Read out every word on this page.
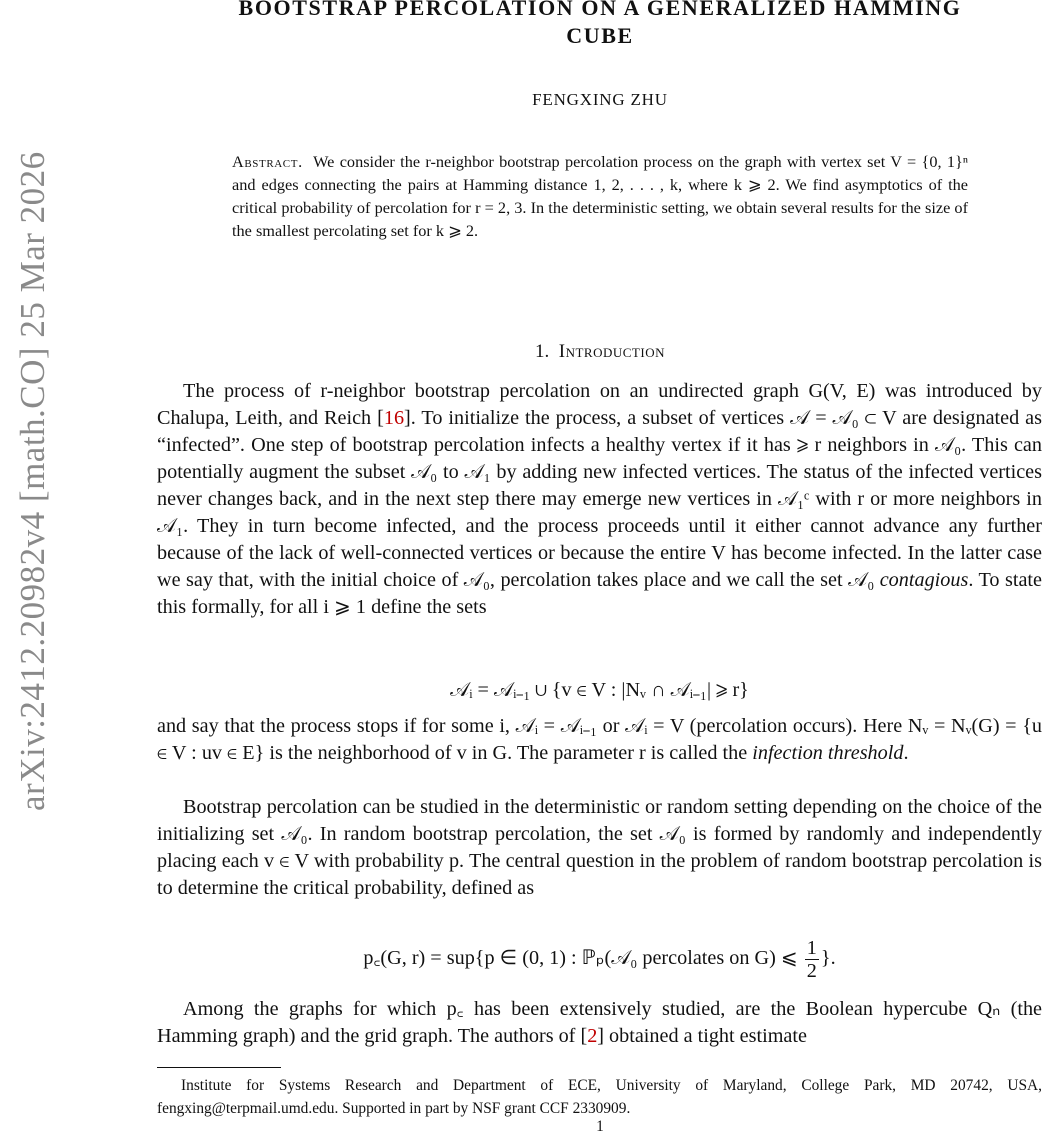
arXiv:2412.20982v4 [math.CO] 25 Mar 2026
BOOTSTRAP PERCOLATION ON A GENERALIZED HAMMING
CUBE
FENGXING ZHU
Abstract. We consider the r-neighbor bootstrap percolation process on the graph with vertex set V = {0, 1}ⁿ and edges connecting the pairs at Hamming distance 1, 2, . . . , k, where k ⩾ 2. We find asymptotics of the critical probability of percolation for r = 2, 3. In the deterministic setting, we obtain several results for the size of the smallest percolating set for k ⩾ 2.
1. Introduction

The process of r-neighbor bootstrap percolation on an undirected graph G(V, E) was introduced by Chalupa, Leith, and Reich [16]. To initialize the process, a subset of vertices 𝒜 = 𝒜₀ ⊂ V are designated as “infected”. One step of bootstrap percolation infects a healthy vertex if it has ⩾ r neighbors in 𝒜₀. This can potentially augment the subset 𝒜₀ to 𝒜₁ by adding new infected vertices. The status of the infected vertices never changes back, and in the next step there may emerge new vertices in 𝒜₁ᶜ with r or more neighbors in 𝒜₁. They in turn become infected, and the process proceeds until it either cannot advance any further because of the lack of well-connected vertices or because the entire V has become infected. In the latter case we say that, with the initial choice of 𝒜₀, percolation takes place and we call the set 𝒜₀ contagious. To state this formally, for all i ⩾ 1 define the sets

𝒜ᵢ = 𝒜ᵢ₋₁ ∪ {v ∈ V : |Nᵥ ∩ 𝒜ᵢ₋₁| ⩾ r}

and say that the process stops if for some i, 𝒜ᵢ = 𝒜ᵢ₋₁ or 𝒜ᵢ = V (percolation occurs). Here Nᵥ = Nᵥ(G) = {u ∈ V : uv ∈ E} is the neighborhood of v in G. The parameter r is called the infection threshold.

Bootstrap percolation can be studied in the deterministic or random setting depending on the choice of the initializing set 𝒜₀. In random bootstrap percolation, the set 𝒜₀ is formed by randomly and independently placing each v ∈ V with probability p. The central question in the problem of random bootstrap percolation is to determine the critical probability, defined as

p꜀(G, r) = sup{p ∈ (0, 1) : ℙₚ(𝒜₀ percolates on G) ⩽ $\frac{1}{2}$ }.

Among the graphs for which p꜀ has been extensively studied, are the Boolean hypercube Qₙ (the Hamming graph) and the grid graph. The authors of [2] obtained a tight estimate

Institute for Systems Research and Department of ECE, University of Maryland, College Park, MD 20742, USA, fengxing@terpmail.umd.edu. Supported in part by NSF grant CCF 2330909.
1
